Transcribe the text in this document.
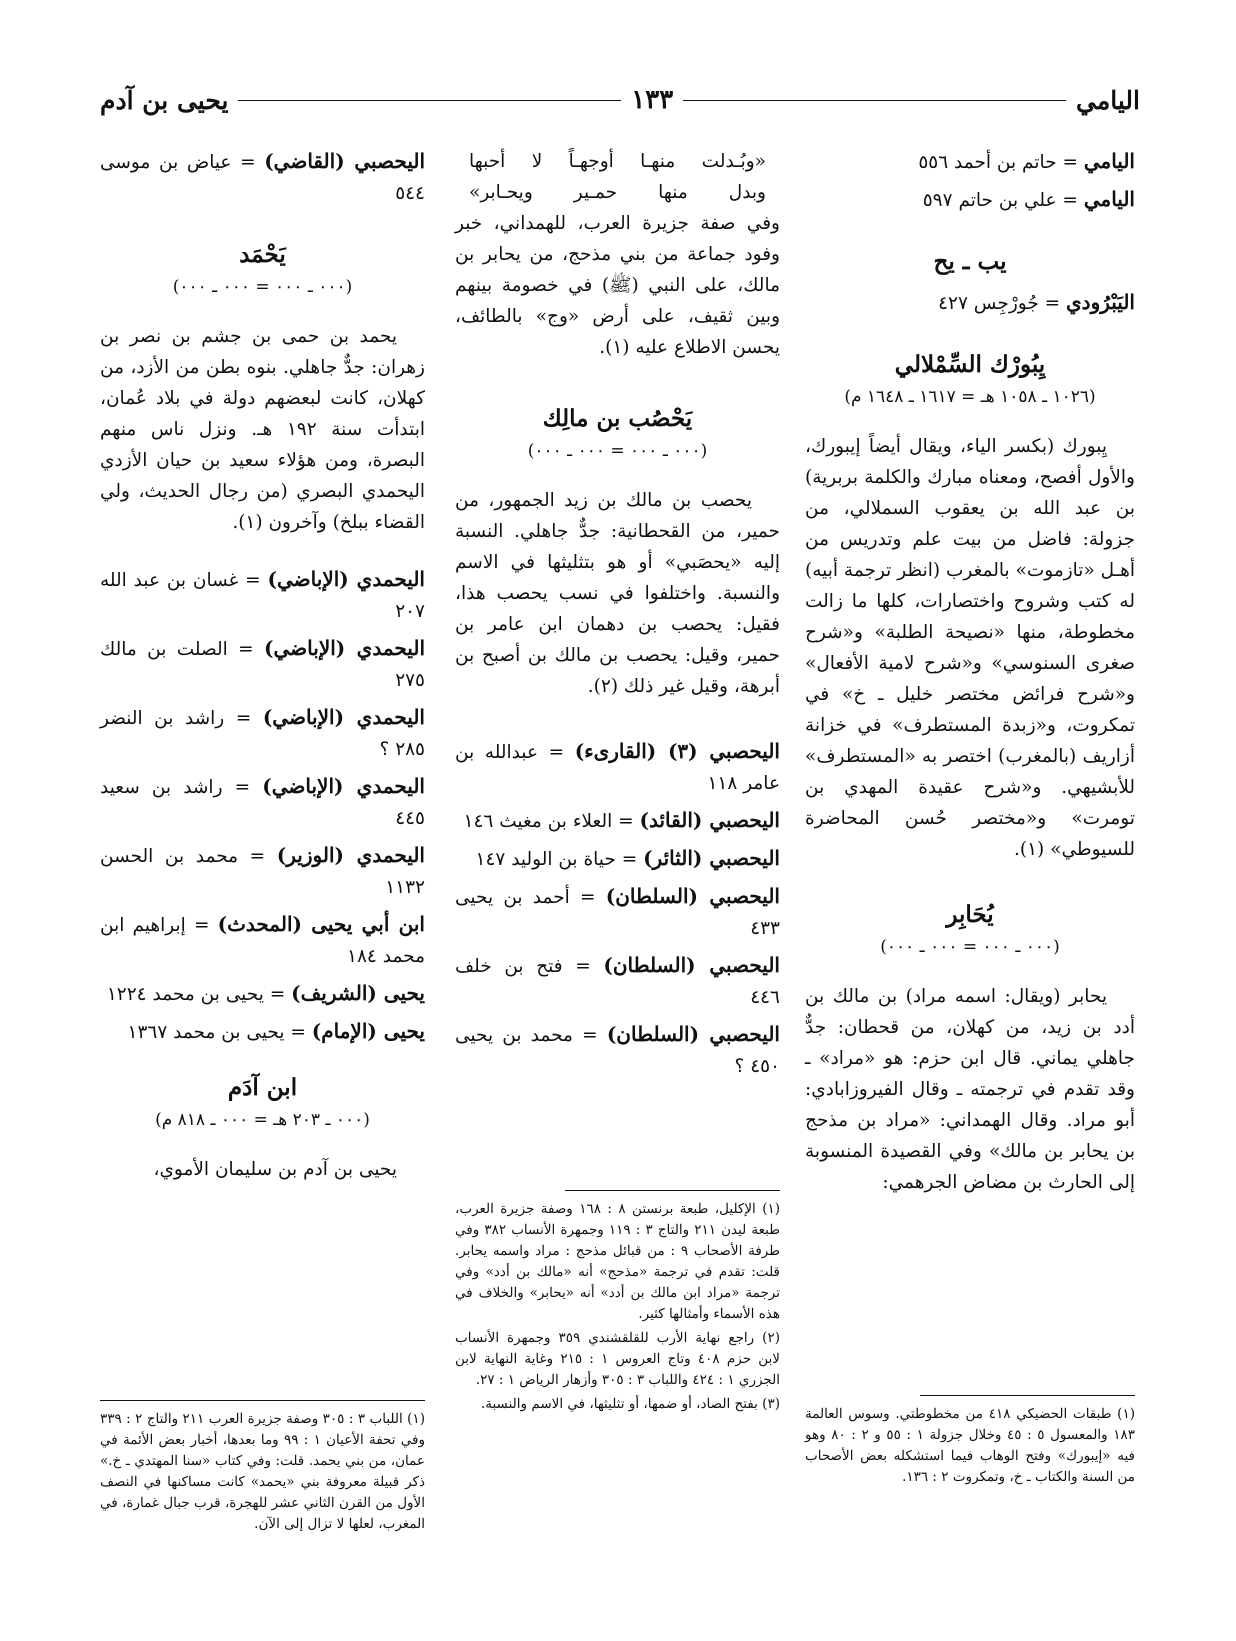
اليامي
١٣٣
يحيى بن آدم
اليامي = حاتم بن أحمد ٥٥٦
اليامي = علي بن حاتم ٥٩٧
يب ـ يح
اليَبْرُودي = جُورْجِس ٤٢٧
يِبُورْك السِّمْلالي
(١٠٢٦ ـ ١٠٥٨ هـ = ١٦١٧ ـ ١٦٤٨ م)

يِبورك (بكسر الياء، ويقال أيضاً إيبورك، والأول أفصح، ومعناه مبارك والكلمة بربرية) بن عبد الله بن يعقوب السملالي، من جزولة: فاضل من بيت علم وتدريس من أهـل «تازموت» بالمغرب (انظر ترجمة أبيه) له كتب وشروح واختصارات، كلها ما زالت مخطوطة، منها «نصيحة الطلبة» و«شرح صغرى السنوسي» و«شرح لامية الأفعال» و«شرح فرائض مختصر خليل ـ خ» في تمكروت، و«زبدة المستطرف» في خزانة أزاريف (بالمغرب) اختصر به «المستطرف» للأبشيهي. و«شرح عقيدة المهدي بن تومرت» و«مختصر حُسن المحاضرة للسيوطي» (١).

يُحَابِر
(٠٠٠ ـ ٠٠٠ = ٠٠٠ ـ ٠٠٠)

يحابر (ويقال: اسمه مراد) بن مالك بن أدد بن زيد، من كهلان، من قحطان: جدٌّ جاهلي يماني. قال ابن حزم: هو «مراد» ـ وقد تقدم في ترجمته ـ وقال الفيروزابادي: أبو مراد. وقال الهمداني: «مراد بن مذحج بن يحابر بن مالك» وفي القصيدة المنسوبة إلى الحارث بن مضاض الجرهمي:

(١) طبقات الحضيكي ٤١٨ من مخطوطتي. وسوس العالمة ١٨٣ والمعسول ٥ : ٤٥ وخلال جزولة ١ : ٥٥ و ٢ : ٨٠ وهو فيه «إيبورك» وفتح الوهاب فيما استشكله بعض الأصحاب من السنة والكتاب ـ خ، وتمكروت ٢ : ١٣٦.

«وبُـدلت منهـا أوجهـاً لا أحبها

وبدل منها حمـير ويحـابر»

وفي صفة جزيرة العرب، للهمداني، خبر وفود جماعة من بني مذحج، من يحابر بن مالك، على النبي (ﷺ) في خصومة بينهم وبين ثقيف، على أرض «وج» بالطائف، يحسن الاطلاع عليه (١).

يَحْصُب بن مالِك
(٠٠٠ ـ ٠٠٠ = ٠٠٠ ـ ٠٠٠)

يحصب بن مالك بن زيد الجمهور، من حمير، من القحطانية: جدٌّ جاهلي. النسبة إليه «يحصَبي» أو هو بتثليثها في الاسم والنسبة. واختلفوا في نسب يحصب هذا، فقيل: يحصب بن دهمان ابن عامر بن حمير، وقيل: يحصب بن مالك بن أصبح بن أبرهة، وقيل غير ذلك (٢).

اليحصبي (٣) (القارىء) = عبدالله بن عامر ١١٨
اليحصبي (القائد) = العلاء بن مغيث ١٤٦
اليحصبي (الثائر) = حياة بن الوليد ١٤٧
اليحصبي (السلطان) = أحمد بن يحيى ٤٣٣
اليحصبي (السلطان) = فتح بن خلف ٤٤٦
اليحصبي (السلطان) = محمد بن يحيى ٤٥٠ ؟

(١) الإكليل، طبعة برنستن ٨ : ١٦٨ وصفة جزيرة العرب، طبعة ليدن ٢١١ والتاج ٣ : ١١٩ وجمهرة الأنساب ٣٨٢ وفي طرفة الأصحاب ٩ : من قبائل مذحج : مراد واسمه يحابر. قلت: تقدم في ترجمة «مذحج» أنه «مالك بن أدد» وفي ترجمة «مراد ابن مالك بن أدد» أنه «يحابر» والخلاف في هذه الأسماء وأمثالها كثير.

(٢) راجع نهاية الأرب للقلقشندي ٣٥٩ وجمهرة الأنساب لابن حزم ٤٠٨ وتاج العروس ١ : ٢١٥ وغاية النهاية لابن الجزري ١ : ٤٢٤ واللباب ٣ : ٣٠٥ وأزهار الرياض ١ : ٢٧.

(٣) بفتح الصاد، أو ضمها، أو تثليثها، في الاسم والنسبة.

اليحصبي (القاضي) = عياض بن موسى ٥٤٤
يَحْمَد
(٠٠٠ ـ ٠٠٠ = ٠٠٠ ـ ٠٠٠)

يحمد بن حمى بن جشم بن نصر بن زهران: جدٌّ جاهلي. بنوه بطن من الأزد، من كهلان، كانت لبعضهم دولة في بلاد عُمان، ابتدأت سنة ١٩٢ هـ. ونزل ناس منهم البصرة، ومن هؤلاء سعيد بن حيان الأزدي اليحمدي البصري (من رجال الحديث، ولي القضاء ببلخ) وآخرون (١).

اليحمدي (الإباضي) = غسان بن عبد الله ٢٠٧
اليحمدي (الإباضي) = الصلت بن مالك ٢٧٥
اليحمدي (الإباضي) = راشد بن النضر ٢٨٥ ؟
اليحمدي (الإباضي) = راشد بن سعيد ٤٤٥
اليحمدي (الوزير) = محمد بن الحسن ١١٣٢
ابن أبي يحيى (المحدث) = إبراهيم ابن محمد ١٨٤
يحيى (الشريف) = يحيى بن محمد ١٢٢٤
يحيى (الإمام) = يحيى بن محمد ١٣٦٧
ابن آدَم
(٠٠٠ ـ ٢٠٣ هـ = ٠٠٠ ـ ٨١٨ م)

يحيى بن آدم بن سليمان الأموي،

(١) اللباب ٣ : ٣٠٥ وصفة جزيرة العرب ٢١١ والتاج ٢ : ٣٣٩ وفي تحفة الأعيان ١ : ٩٩ وما بعدها، أخبار بعض الأئمة في عمان، من بني يحمد. قلت: وفي كتاب «سنا المهتدي ـ خ.» ذكر قبيلة معروفة بني «يحمد» كانت مساكنها في النصف الأول من القرن الثاني عشر للهجرة، قرب جبال غمارة، في المغرب، لعلها لا تزال إلى الآن.
